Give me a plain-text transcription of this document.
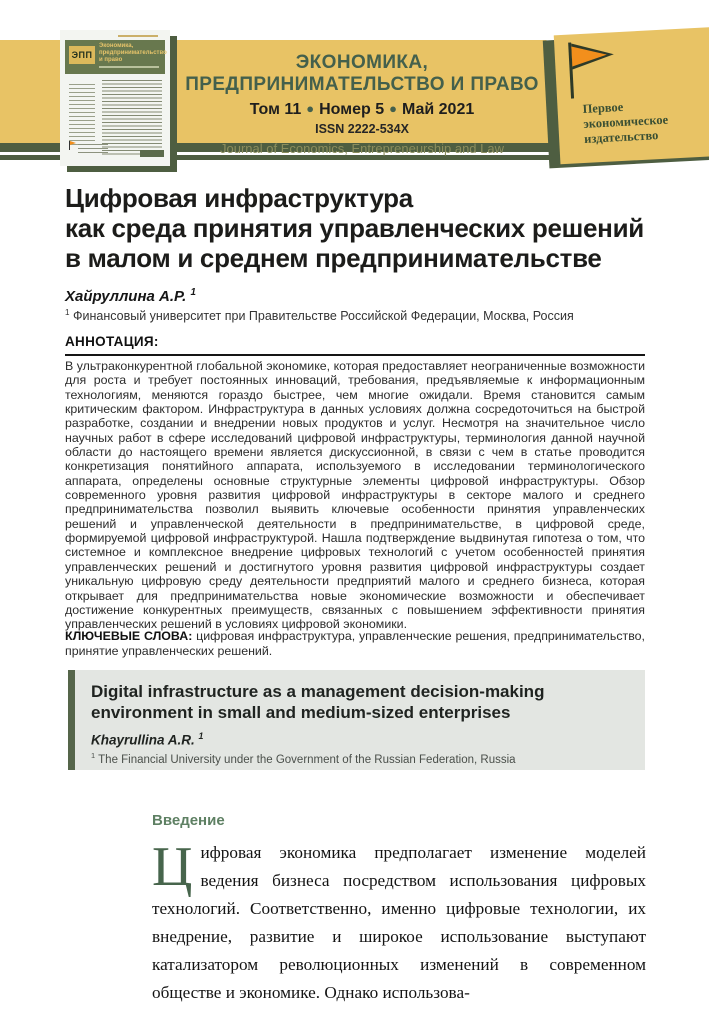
ЭКОНОМИКА,
ПРЕДПРИНИМАТЕЛЬСТВО И ПРАВО
Том 11 ● Номер 5 ● Май 2021
ISSN 2222-534X
Journal of Economics, Entrepreneurship and Law
Первое
экономическое
издательство
ЭПП
Экономика, предпринимательство и право
Цифровая инфраструктура
как среда принятия управленческих решений
в малом и среднем предпринимательстве
Хайруллина А.Р. $^1$
$^1$ Финансовый университет при Правительстве Российской Федерации, Москва, Россия
АННОТАЦИЯ:
В ультраконкурентной глобальной экономике, которая предоставляет неограниченные возможности для роста и требует постоянных инноваций, требования, предъявляемые к информационным технологиям, меняются гораздо быстрее, чем многие ожидали. Время становится самым критическим фактором. Инфраструктура в данных условиях должна сосредоточиться на быстрой разработке, создании и внедрении новых продуктов и услуг. Несмотря на значительное число научных работ в сфере исследований цифровой инфраструктуры, терминология данной научной области до настоящего времени является дискуссионной, в связи с чем в статье проводится конкретизация понятийного аппарата, используемого в исследовании терминологического аппарата, определены основные структурные элементы цифровой инфраструктуры. Обзор современного уровня развития цифровой инфраструктуры в секторе малого и среднего предпринимательства позволил выявить ключевые особенности принятия управленческих решений и управленческой деятельности в предпринимательстве, в цифровой среде, формируемой цифровой инфраструктурой. Нашла подтверждение выдвинутая гипотеза о том, что системное и комплексное внедрение цифровых технологий с учетом особенностей принятия управленческих решений и достигнутого уровня развития цифровой инфраструктуры создает уникальную цифровую среду деятельности предприятий малого и среднего бизнеса, которая открывает для предпринимательства новые экономические возможности и обеспечивает достижение конкурентных преимуществ, связанных с повышением эффективности принятия управленческих решений в условиях цифровой экономики.
КЛЮЧЕВЫЕ СЛОВА: цифровая инфраструктура, управленческие решения, предпринимательство, принятие управленческих решений.
Digital infrastructure as a management decision-making
environment in small and medium-sized enterprises
Khayrullina A.R. $^1$
$^1$ The Financial University under the Government of the Russian Federation, Russia
Введение
Цифровая экономика предполагает изменение моделей ведения бизнеса посредством использования цифровых технологий. Соответственно, именно цифровые технологии, их внедрение, развитие и широкое использование выступают катализатором революционных изменений в современном обществе и экономике. Однако использова-
